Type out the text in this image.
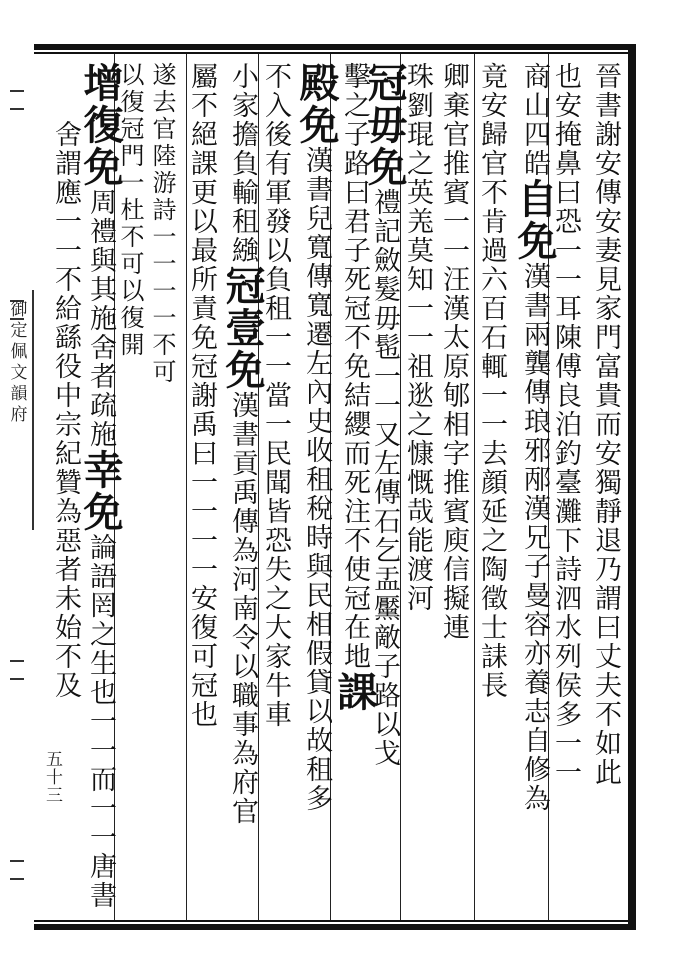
御定佩文韻府
五十三	晉書謝安傳安妻見家門富貴而安獨靜退乃謂曰丈夫不如此
也安掩鼻曰恐一一耳陳傅良泊釣臺灘下詩泗水列侯多一一
商山四皓自免漢書兩龔傳琅邪邴漢兄子曼容亦養志自修為
竟安歸官不肯過六百石輒一一去顔延之陶徵士誄長
卿棄官推賓一一汪漢太原郇相字推賓庾信擬連
珠劉琨之英𦍑莫知一一祖逖之慷慨哉能渡河
冠毋免禮記斂髮毋髢一一又左傳石乞盂黶敵子路以戈
擊之子路曰君子死冠不免結纓而死注不使冠在地課
殿免漢書兒寬傳寬遷左內史收租稅時與民相假貸以故租多
不入後有軍發以負租一一當一民聞皆恐失之大家牛車
小家擔負輸租繈冠壹免漢書貢禹傳為河南令以職事為府官
屬不絕課更以最所責免冠謝禹曰一一一一安復可冠也
遂去官陸游詩一一一一不可
以復冠門一杜不可以復開
增復免周禮與其施舍者疏施幸免論語罔之生也一一而一一唐書
舍謂應一一不給繇役中宗紀贊為惡者未始不及
